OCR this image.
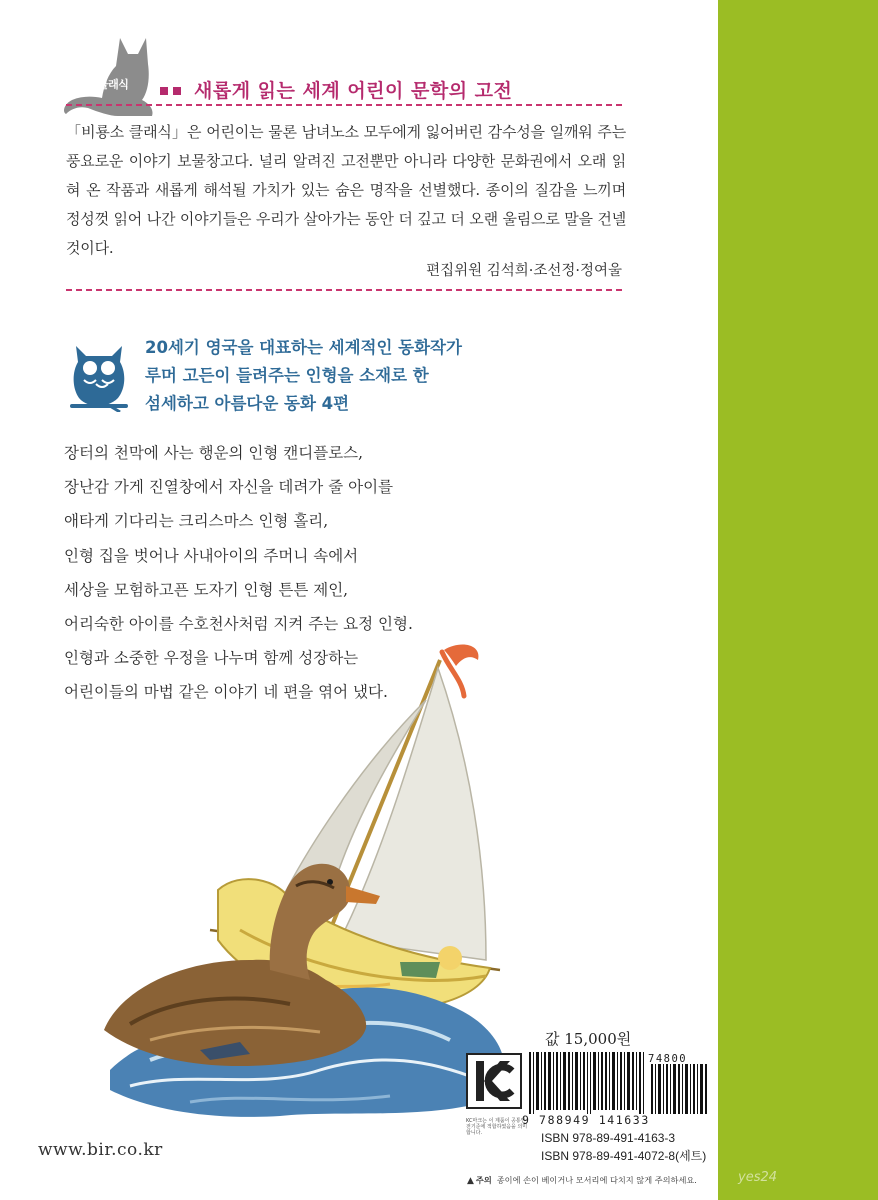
비룡소
클래식	새롭게 읽는 세계 어린이 문학의 고전

「비룡소 클래식」은 어린이는 물론 남녀노소 모두에게 잃어버린 감수성을 일깨워 주는 풍요로운 이야기 보물창고다. 널리 알려진 고전뿐만 아니라 다양한 문화권에서 오래 읽혀 온 작품과 새롭게 해석될 가치가 있는 숨은 명작을 선별했다. 종이의 질감을 느끼며 정성껏 읽어 나간 이야기들은 우리가 살아가는 동안 더 깊고 더 오랜 울림으로 말을 건넬 것이다.

편집위원 김석희·조선정·정여울
20세기 영국을 대표하는 세계적인 동화작가
루머 고든이 들려주는 인형을 소재로 한
섬세하고 아름다운 동화 4편
장터의 천막에 사는 행운의 인형 캔디플로스,
장난감 가게 진열창에서 자신을 데려가 줄 아이를
애타게 기다리는 크리스마스 인형 홀리,
인형 집을 벗어나 사내아이의 주머니 속에서
세상을 모험하고픈 도자기 인형 튼튼 제인,
어리숙한 아이를 수호천사처럼 지켜 주는 요정 인형.
인형과 소중한 우정을 나누며 함께 성장하는
어린이들의 마법 같은 이야기 네 편을 엮어 냈다.
www.bir.co.kr
값 15,000원
KC마크는 이 제품이 공통안전기준에 적합하였음을 의미합니다.
74800
9 788949 141633
ISBN 978-89-491-4163-3
ISBN 978-89-491-4072-8(세트)
▲ 주의 종이에 손이 베이거나 모서리에 다치지 않게 주의하세요.	yes24
